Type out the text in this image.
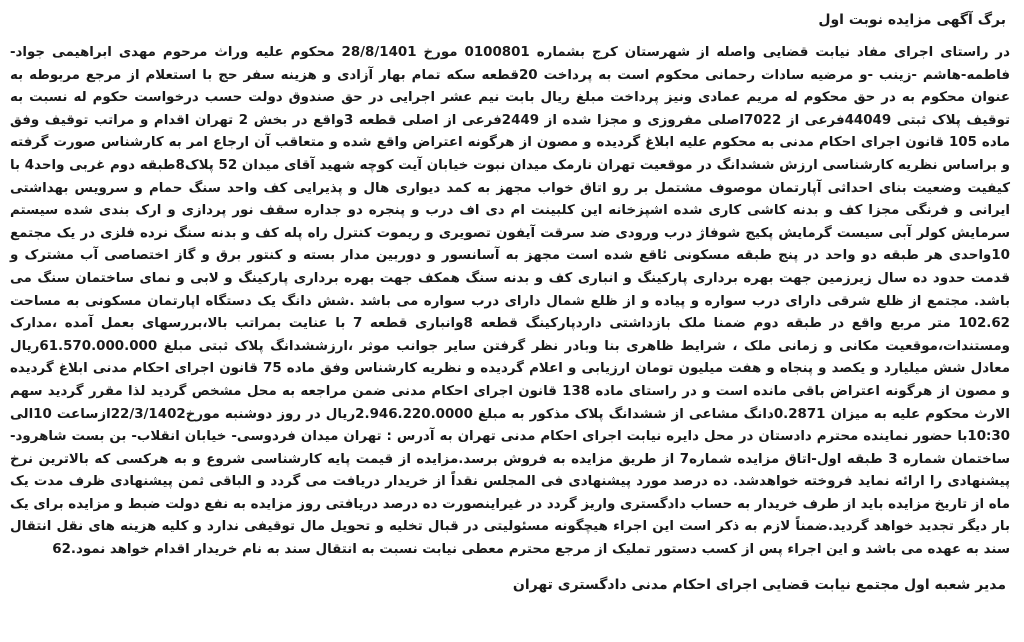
برگ آگهی مزایده نوبت اول

در راستای اجرای مفاد نیابت قضایی واصله از شهرستان کرج بشماره 0100801 مورخ 28/8/1401 محکوم علیه وراث مرحوم مهدی ابراهیمی جواد-فاطمه-هاشم -زینب -و مرضیه سادات رحمانی محکوم است به پرداخت 20قطعه سکه تمام بهار آزادی و هزینه سفر حج با استعلام از مرجع مربوطه به عنوان محکوم به در حق محکوم له مریم عمادی ونیز پرداخت مبلغ ریال بابت نیم عشر اجرایی در حق صندوق دولت حسب درخواست حکوم له نسبت به توقیف پلاک ثبتی 44049فرعی از 7022اصلی مفروزی و مجزا شده از 2449فرعی از اصلی قطعه 3واقع در بخش 2 تهران اقدام و مراتب توقیف وفق ماده 105 قانون اجرای احکام مدنی به محکوم علیه ابلاغ گردیده و مصون از هرگونه اعتراض واقع شده و متعاقب آن ارجاع امر به کارشناس صورت گرفته و براساس نظریه کارشناسی ارزش ششدانگ در موقعیت تهران نارمک میدان نبوت خیابان آیت کوچه شهید آقای میدان 52 پلاک8طبقه دوم غربی واحد4 با کیفیت وضعیت بنای احداثی آپارتمان موصوف مشتمل بر رو اتاق خواب مجهز به کمد دیواری هال و پذیرایی کف واحد سنگ حمام و سرویس بهداشتی ایرانی و فرنگی مجزا کف و بدنه کاشی کاری شده اشپزخانه این کلبینت ام دی اف درب و پنجره دو جداره سقف نور پردازی و ارک بندی شده سیستم سرمایش کولر آبی سیست گرمایش پکیج شوفاژ درب ورودی ضد سرقت آیفون تصویری و ریموت کنترل راه پله کف و بدنه سنگ نرده فلزی در یک مجتمع 10واحدی هر طبقه دو واحد در پنج طبقه مسکونی ئاقع شده است مجهز به آسانسور و دوربین مدار بسته و کنتور برق و گاز اختصاصی آب مشترک و قدمت حدود ده سال زیرزمین جهت بهره برداری پارکینگ و انباری کف و بدنه سنگ همکف جهت بهره برداری پارکینگ و لابی و نمای ساختمان سنگ می باشد. مجتمع از ظلع شرقی دارای درب سواره و پیاده و از ظلع شمال دارای درب سواره می باشد .شش دانگ یک دستگاه اپارتمان مسکونی به مساحت 102.62 متر مربع واقع در طبقه دوم ضمنا ملک بازداشتی داردپارکینگ قطعه 8وانباری قطعه 7 با عنایت بمراتب بالا،بررسهای بعمل آمده ،مدارک ومستندات،موقعیت مکانی و زمانی ملک ، شرایط ظاهری بنا وبادر نظر گرفتن سایر جوانب موثر ،ارزششدانگ پلاک ثبتی مبلغ 61.570.000.000ریال معادل شش میلیارد و یکصد و پنجاه و هفت میلیون تومان ارزیابی و اعلام گردیده و نظریه کارشناس وفق ماده 75 قانون اجرای احکام مدنی ابلاغ گردیده و مصون از هرگونه اعتراض باقی مانده است و در راستای ماده 138 قانون اجرای احکام مدنی ضمن مراجعه به محل مشخص گردید لذا مقرر گردید سهم الارث محکوم علیه به میزان 0.2871دانگ مشاعی از ششدانگ پلاک مذکور به مبلغ 2.946.220.0000ریال در روز دوشنبه مورخ22/3/1402ازساعت 10الی 10:30با حضور نماینده محترم دادستان در محل دایره نیابت اجرای احکام مدنی تهران به آدرس : تهران میدان فردوسی- خیابان انقلاب- بن بست شاهرود- ساختمان شماره 3 طبقه اول-اتاق مزایده شماره7 از طریق مزایده به فروش برسد.مزایده از قیمت پایه کارشناسی شروع و به هرکسی که بالاترین نرخ پیشنهادی را ارائه نماید فروخته خواهدشد. ده درصد مورد پیشنهادی فی المجلس نقداً از خریدار دریافت می گردد و الباقی ثمن پیشنهادی ظرف مدت یک ماه از تاریخ مزایده باید از طرف خریدار به حساب دادگستری واریز گردد در غیراینصورت ده درصد دریافتی روز مزایده به نفع دولت ضبط و مزایده برای یک بار دیگر تجدید خواهد گردید.ضمناً لازم به ذکر است این اجراء هیچگونه مسئولیتی در قبال تخلیه و تحویل مال توقیفی ندارد و کلیه هزینه های نقل انتقال سند به عهده می باشد و این اجراء پس از کسب دستور تملیک از مرجع محترم معطی نیابت نسبت به انتقال سند به نام خریدار اقدام خواهد نمود.62

مدیر شعبه اول مجتمع نیابت قضایی اجرای احکام مدنی دادگستری تهران
